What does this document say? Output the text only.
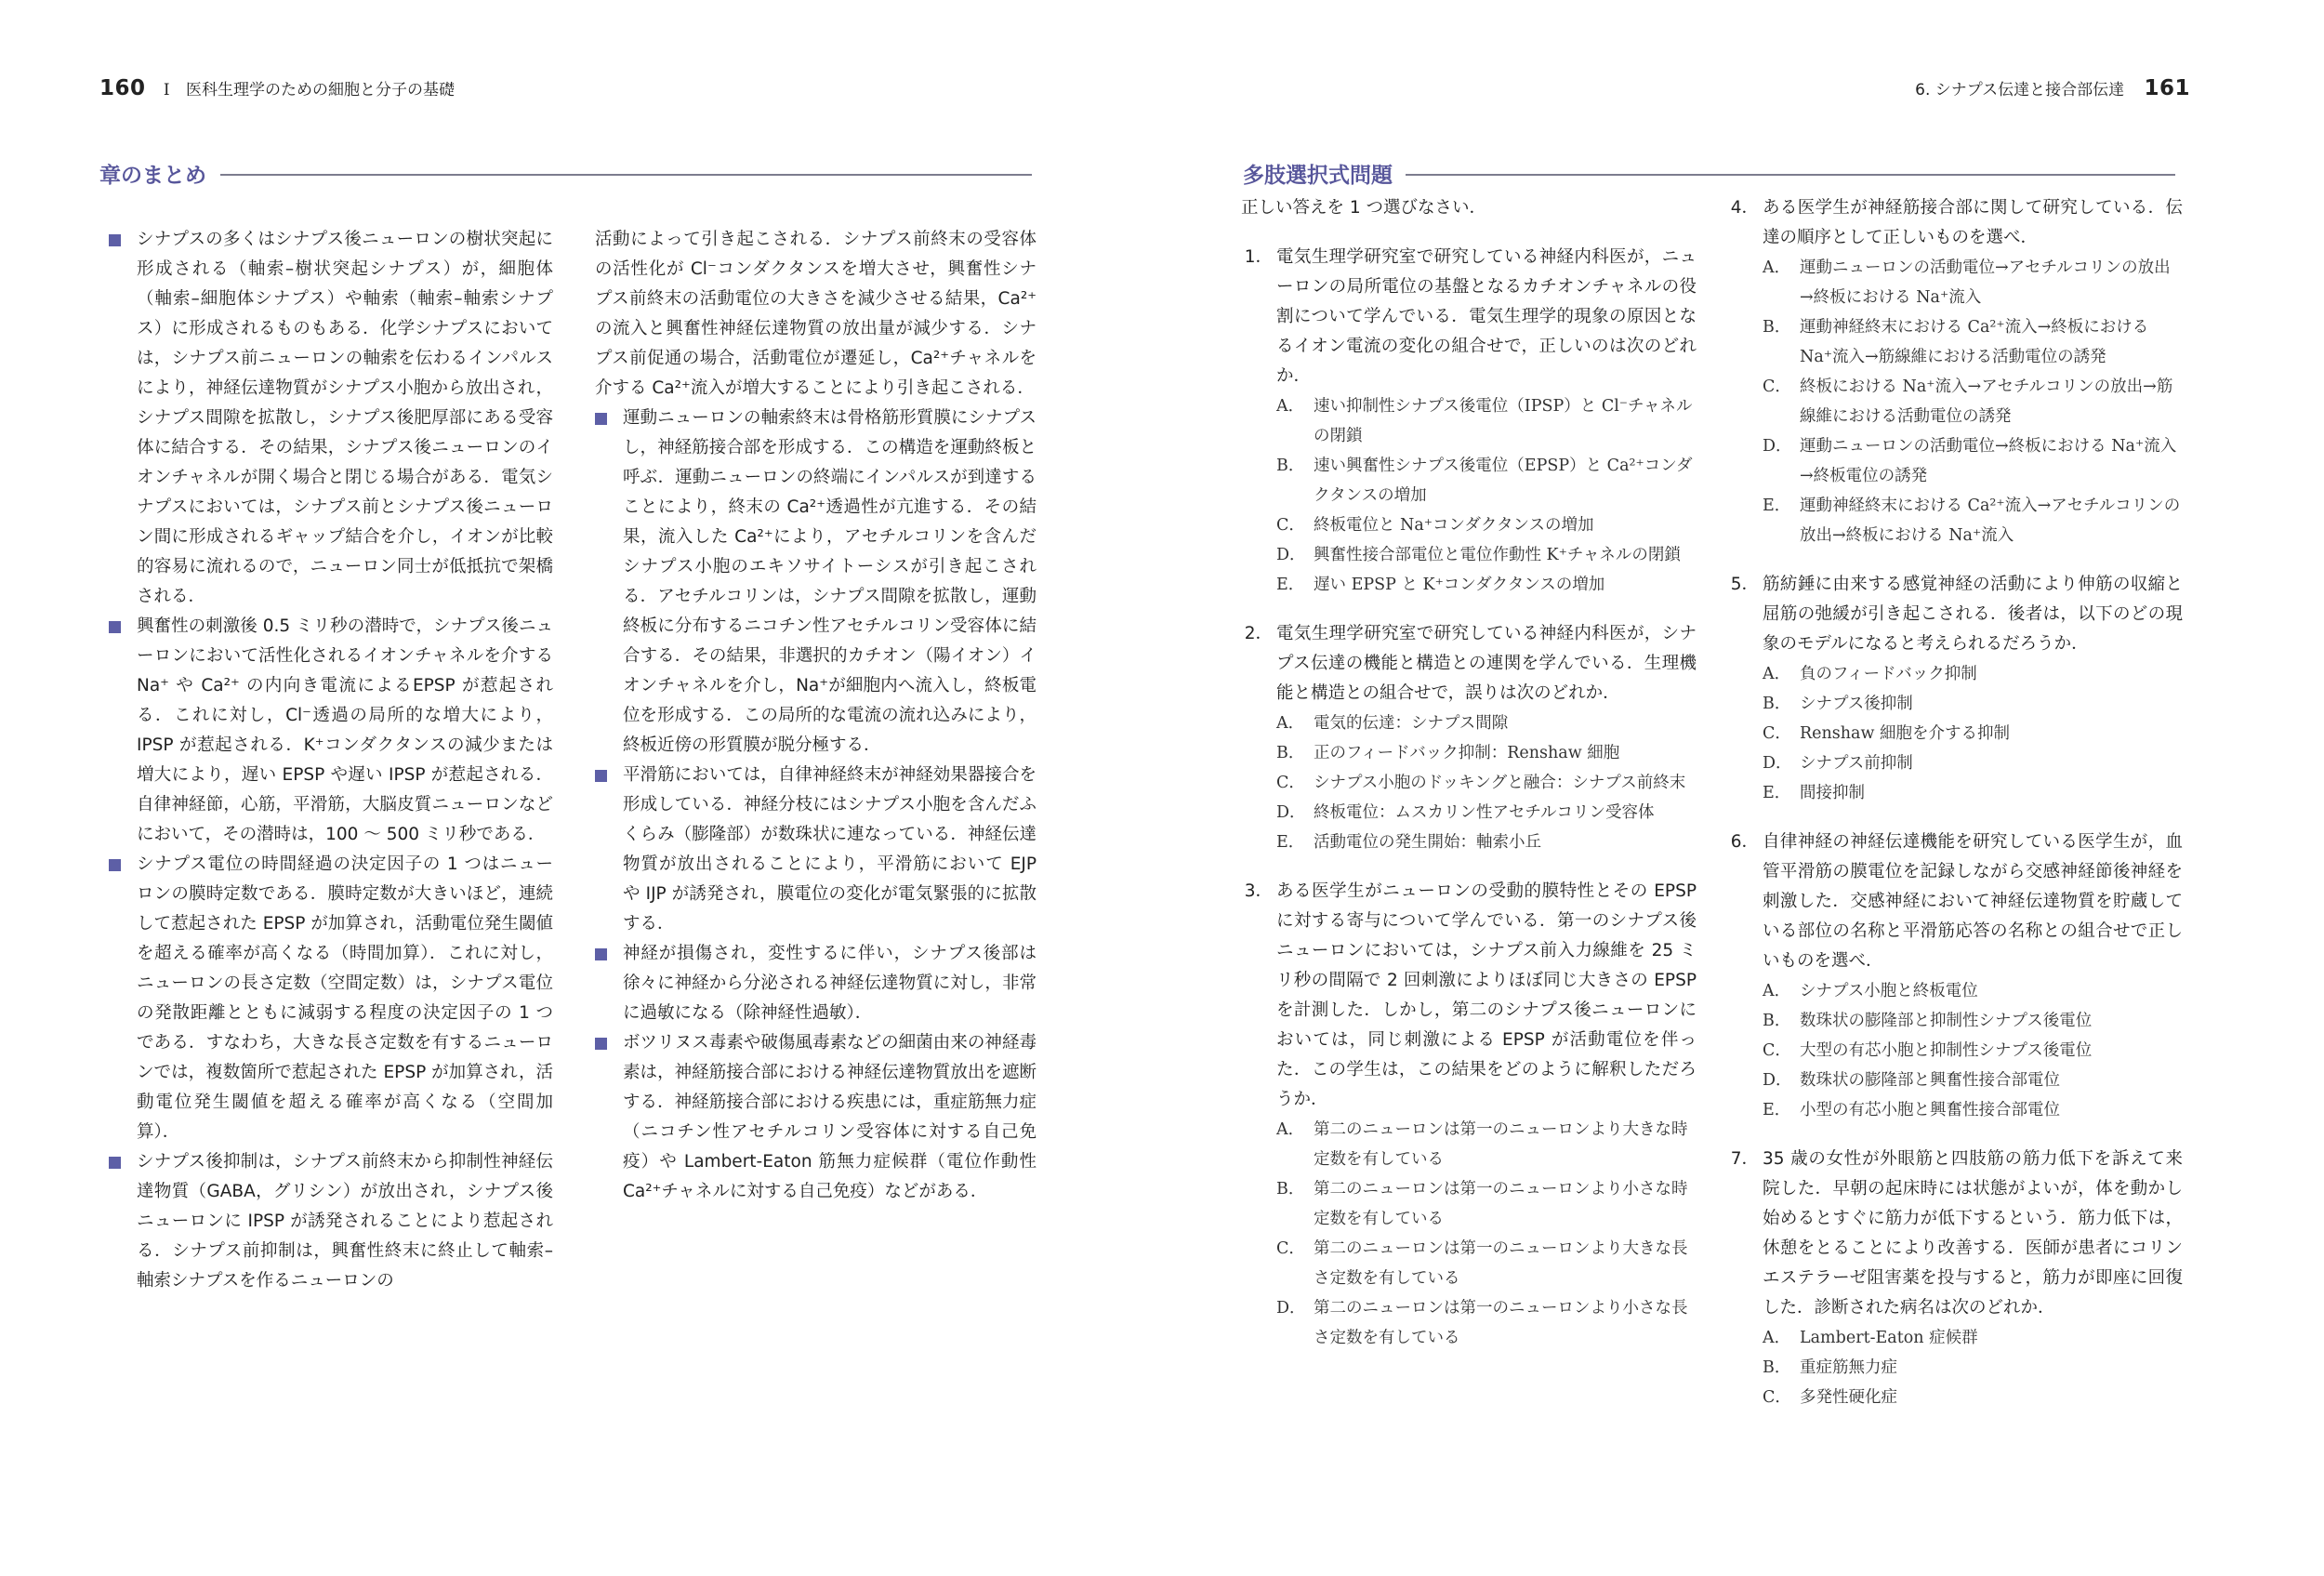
160 I 医科生理学のための細胞と分子の基礎
章のまとめ
シナプスの多くはシナプス後ニューロンの樹状突起に形成される（軸索–樹状突起シナプス）が，細胞体（軸索–細胞体シナプス）や軸索（軸索–軸索シナプス）に形成されるものもある．化学シナプスにおいては，シナプス前ニューロンの軸索を伝わるインパルスにより，神経伝達物質がシナプス小胞から放出され，シナプス間隙を拡散し，シナプス後肥厚部にある受容体に結合する．その結果，シナプス後ニューロンのイオンチャネルが開く場合と閉じる場合がある．電気シナプスにおいては，シナプス前とシナプス後ニューロン間に形成されるギャップ結合を介し，イオンが比較的容易に流れるので，ニューロン同士が低抵抗で架橋される．
興奮性の刺激後 0.5 ミリ秒の潜時で，シナプス後ニューロンにおいて活性化されるイオンチャネルを介する Na⁺ や Ca²⁺ の内向き電流によるEPSP が惹起される．これに対し，Cl⁻透過の局所的な増大により，IPSP が惹起される．K⁺コンダクタンスの減少または増大により，遅い EPSP や遅い IPSP が惹起される．自律神経節，心筋，平滑筋，大脳皮質ニューロンなどにおいて，その潜時は，100 ～ 500 ミリ秒である．
シナプス電位の時間経過の決定因子の 1 つはニューロンの膜時定数である．膜時定数が大きいほど，連続して惹起された EPSP が加算され，活動電位発生閾値を超える確率が高くなる（時間加算）．これに対し，ニューロンの長さ定数（空間定数）は，シナプス電位の発散距離とともに減弱する程度の決定因子の 1 つである．すなわち，大きな長さ定数を有するニューロンでは，複数箇所で惹起された EPSP が加算され，活動電位発生閾値を超える確率が高くなる（空間加算）．
シナプス後抑制は，シナプス前終末から抑制性神経伝達物質（GABA，グリシン）が放出され，シナプス後ニューロンに IPSP が誘発されることにより惹起される．シナプス前抑制は，興奮性終末に終止して軸索–軸索シナプスを作るニューロンの
活動によって引き起こされる．シナプス前終末の受容体の活性化が Cl⁻コンダクタンスを増大させ，興奮性シナプス前終末の活動電位の大きさを減少させる結果，Ca²⁺の流入と興奮性神経伝達物質の放出量が減少する．シナプス前促通の場合，活動電位が遷延し，Ca²⁺チャネルを介する Ca²⁺流入が増大することにより引き起こされる．
運動ニューロンの軸索終末は骨格筋形質膜にシナプスし，神経筋接合部を形成する．この構造を運動終板と呼ぶ．運動ニューロンの終端にインパルスが到達することにより，終末の Ca²⁺透過性が亢進する．その結果，流入した Ca²⁺により，アセチルコリンを含んだシナプス小胞のエキソサイトーシスが引き起こされる．アセチルコリンは，シナプス間隙を拡散し，運動終板に分布するニコチン性アセチルコリン受容体に結合する．その結果，非選択的カチオン（陽イオン）イオンチャネルを介し，Na⁺が細胞内へ流入し，終板電位を形成する．この局所的な電流の流れ込みにより，終板近傍の形質膜が脱分極する．
平滑筋においては，自律神経終末が神経効果器接合を形成している．神経分枝にはシナプス小胞を含んだふくらみ（膨隆部）が数珠状に連なっている．神経伝達物質が放出されることにより，平滑筋において EJP や IJP が誘発され，膜電位の変化が電気緊張的に拡散する．
神経が損傷され，変性するに伴い，シナプス後部は徐々に神経から分泌される神経伝達物質に対し，非常に過敏になる（除神経性過敏）．
ボツリヌス毒素や破傷風毒素などの細菌由来の神経毒素は，神経筋接合部における神経伝達物質放出を遮断する．神経筋接合部における疾患には，重症筋無力症（ニコチン性アセチルコリン受容体に対する自己免疫）や Lambert-Eaton 筋無力症候群（電位作動性 Ca²⁺チャネルに対する自己免疫）などがある．
6. シナプス伝達と接合部伝達 161
多肢選択式問題
正しい答えを 1 つ選びなさい．
1． 電気生理学研究室で研究している神経内科医が，ニューロンの局所電位の基盤となるカチオンチャネルの役割について学んでいる．電気生理学的現象の原因となるイオン電流の変化の組合せで，正しいのは次のどれか．
A． 速い抑制性シナプス後電位（IPSP）と Cl⁻チャネルの閉鎖
B． 速い興奮性シナプス後電位（EPSP）と Ca²⁺コンダクタンスの増加
C． 終板電位と Na⁺コンダクタンスの増加
D． 興奮性接合部電位と電位作動性 K⁺チャネルの閉鎖
E． 遅い EPSP と K⁺コンダクタンスの増加
2． 電気生理学研究室で研究している神経内科医が，シナプス伝達の機能と構造との連関を学んでいる．生理機能と構造との組合せで，誤りは次のどれか．
A． 電気的伝達：シナプス間隙
B． 正のフィードバック抑制：Renshaw 細胞
C． シナプス小胞のドッキングと融合：シナプス前終末
D． 終板電位：ムスカリン性アセチルコリン受容体
E． 活動電位の発生開始：軸索小丘
3． ある医学生がニューロンの受動的膜特性とその EPSP に対する寄与について学んでいる．第一のシナプス後ニューロンにおいては，シナプス前入力線維を 25 ミリ秒の間隔で 2 回刺激によりほぼ同じ大きさの EPSP を計測した．しかし，第二のシナプス後ニューロンにおいては，同じ刺激による EPSP が活動電位を伴った．この学生は，この結果をどのように解釈しただろうか．
A． 第二のニューロンは第一のニューロンより大きな時定数を有している
B． 第二のニューロンは第一のニューロンより小さな時定数を有している
C． 第二のニューロンは第一のニューロンより大きな長さ定数を有している
D． 第二のニューロンは第一のニューロンより小さな長さ定数を有している
4． ある医学生が神経筋接合部に関して研究している．伝達の順序として正しいものを選べ．
A． 運動ニューロンの活動電位→アセチルコリンの放出→終板における Na⁺流入
B． 運動神経終末における Ca²⁺流入→終板における Na⁺流入→筋線維における活動電位の誘発
C． 終板における Na⁺流入→アセチルコリンの放出→筋線維における活動電位の誘発
D． 運動ニューロンの活動電位→終板における Na⁺流入→終板電位の誘発
E． 運動神経終末における Ca²⁺流入→アセチルコリンの放出→終板における Na⁺流入
5． 筋紡錘に由来する感覚神経の活動により伸筋の収縮と屈筋の弛緩が引き起こされる．後者は，以下のどの現象のモデルになると考えられるだろうか．
A． 負のフィードバック抑制
B． シナプス後抑制
C． Renshaw 細胞を介する抑制
D． シナプス前抑制
E． 間接抑制
6． 自律神経の神経伝達機能を研究している医学生が，血管平滑筋の膜電位を記録しながら交感神経節後神経を刺激した．交感神経において神経伝達物質を貯蔵している部位の名称と平滑筋応答の名称との組合せで正しいものを選べ．
A． シナプス小胞と終板電位
B． 数珠状の膨隆部と抑制性シナプス後電位
C． 大型の有芯小胞と抑制性シナプス後電位
D． 数珠状の膨隆部と興奮性接合部電位
E． 小型の有芯小胞と興奮性接合部電位
7． 35 歳の女性が外眼筋と四肢筋の筋力低下を訴えて来院した．早朝の起床時には状態がよいが，体を動かし始めるとすぐに筋力が低下するという．筋力低下は，休憩をとることにより改善する．医師が患者にコリンエステラーゼ阻害薬を投与すると，筋力が即座に回復した．診断された病名は次のどれか．
A． Lambert-Eaton 症候群
B． 重症筋無力症
C． 多発性硬化症
